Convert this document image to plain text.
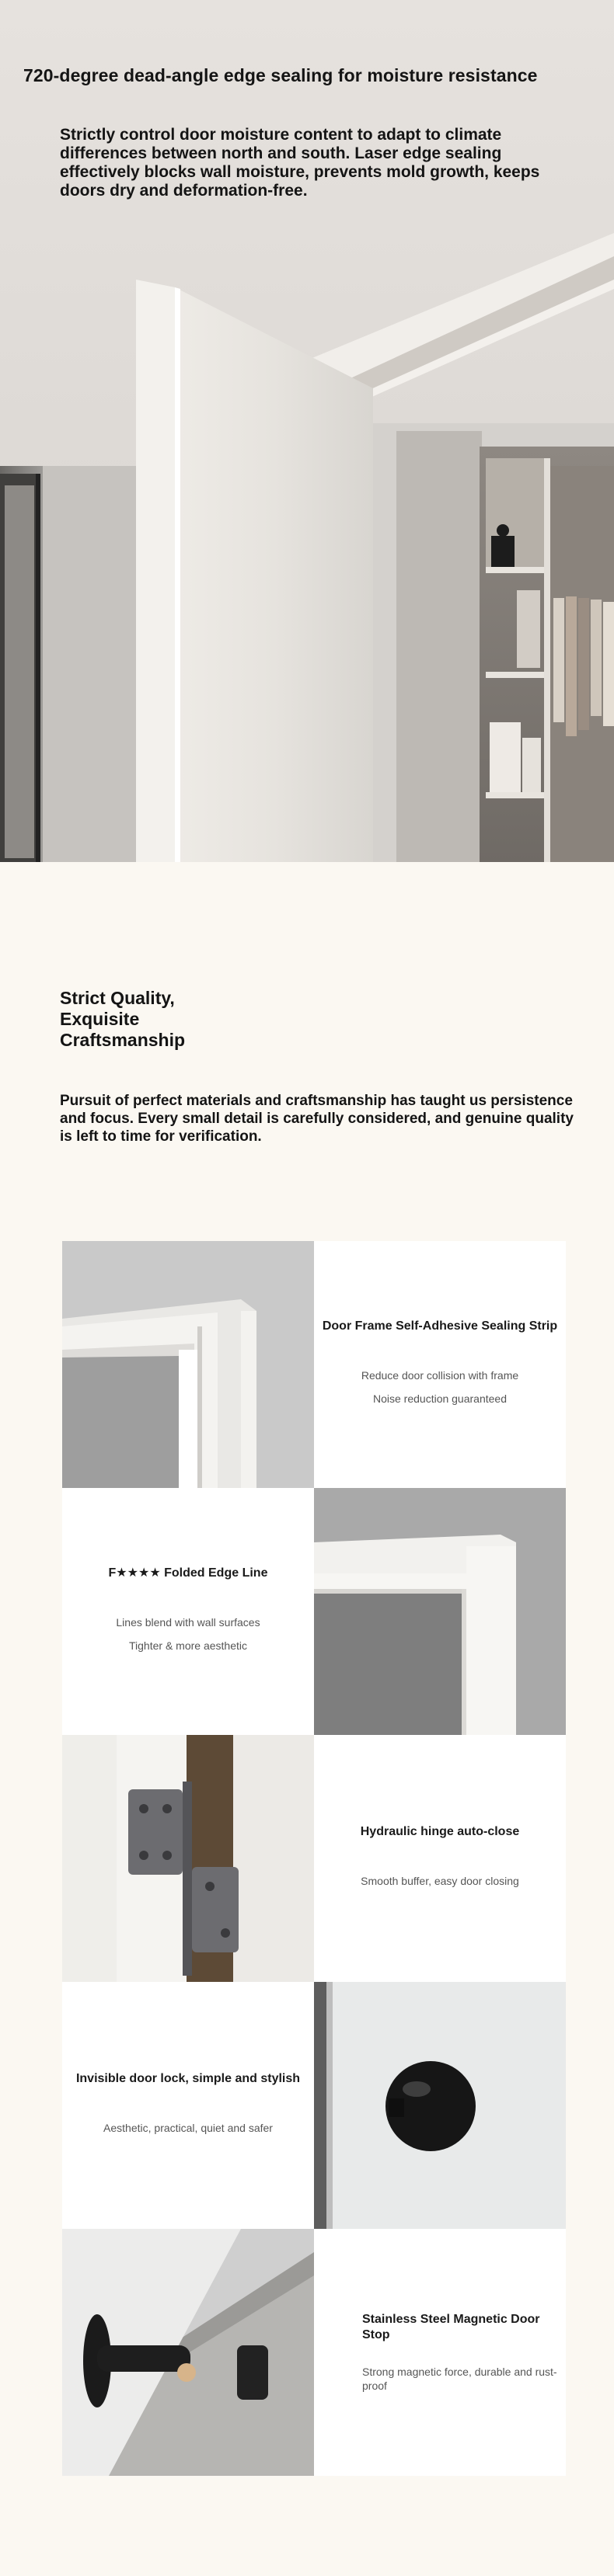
720-degree dead-angle edge sealing for moisture resistance
Strictly control door moisture content to adapt to climate differences between north and south. Laser edge sealing effectively blocks wall moisture, prevents mold growth, keeps doors dry and deformation-free.
Strict Quality,
Exquisite
Craftsmanship
Pursuit of perfect materials and craftsmanship has taught us persistence and focus. Every small detail is carefully considered, and genuine quality is left to time for verification.
Door Frame Self-Adhesive Sealing Strip
Reduce door collision with frame
Noise reduction guaranteed
F★★★★ Folded Edge Line
Lines blend with wall surfaces
Tighter & more aesthetic
Hydraulic hinge auto-close
Smooth buffer, easy door closing
Invisible door lock, simple and stylish
Aesthetic, practical, quiet and safer
Stainless Steel Magnetic Door Stop
Strong magnetic force, durable and rust-proof
